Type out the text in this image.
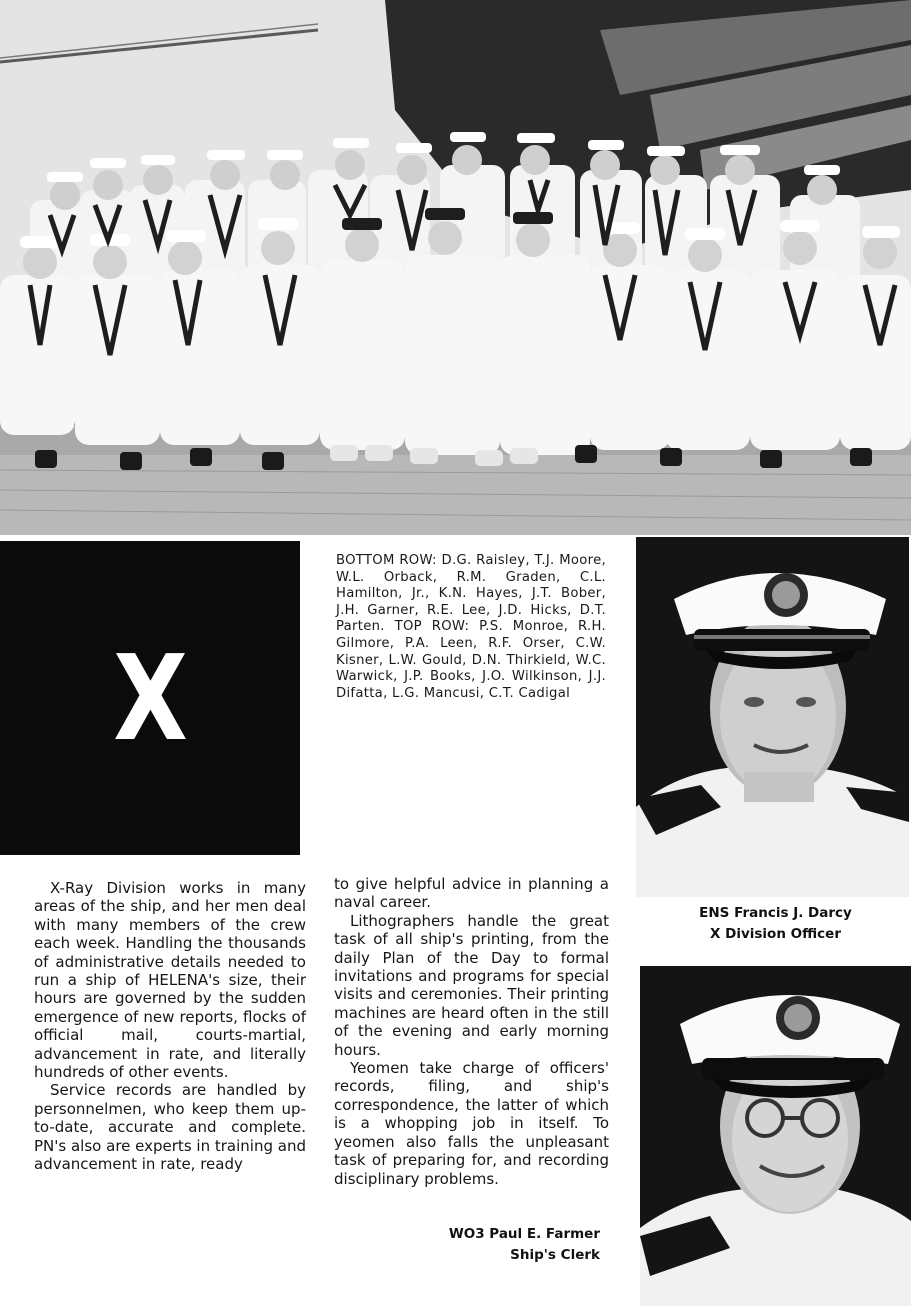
X
BOTTOM ROW: D.G. Raisley, T.J. Moore, W.L. Orback, R.M. Graden, C.L. Hamilton, Jr., K.N. Hayes, J.T. Bober, J.H. Garner, R.E. Lee, J.D. Hicks, D.T. Parten. TOP ROW: P.S. Monroe, R.H. Gilmore, P.A. Leen, R.F. Orser, C.W. Kisner, L.W. Gould, D.N. Thirkield, W.C. Warwick, J.P. Books, J.O. Wilkinson, J.J. Difatta, L.G. Mancusi, C.T. Cadigal
ENS Francis J. Darcy
X Division Officer
WO3 Paul E. Farmer
Ship's Clerk

X-Ray Division works in many areas of the ship, and her men deal with many members of the crew each week. Handling the thousands of administrative details needed to run a ship of HELENA's size, their hours are governed by the sudden emergence of new reports, flocks of official mail, courts-martial, advancement in rate, and literally hundreds of other events.

Service records are handled by personnelmen, who keep them up-to-date, accurate and complete. PN's also are experts in training and advancement in rate, ready

to give helpful advice in planning a naval career.

Lithographers handle the great task of all ship's printing, from the daily Plan of the Day to formal invitations and programs for special visits and ceremonies. Their printing machines are heard often in the still of the evening and early morning hours.

Yeomen take charge of officers' records, filing, and ship's correspondence, the latter of which is a whopping job in itself. To yeomen also falls the unpleasant task of preparing for, and recording disciplinary problems.
